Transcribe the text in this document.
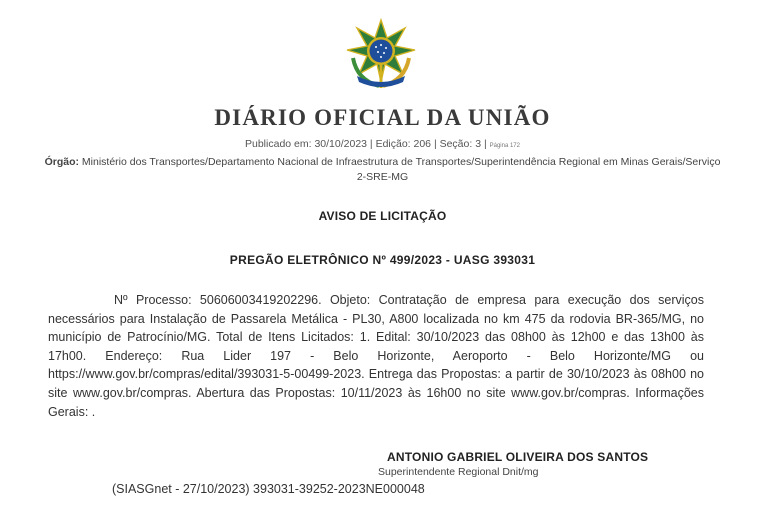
DIÁRIO OFICIAL DA UNIÃO
Publicado em: 30/10/2023 | Edição: 206 | Seção: 3 | Página 172
Órgão: Ministério dos Transportes/Departamento Nacional de Infraestrutura de Transportes/Superintendência Regional em Minas Gerais/Serviço 2-SRE-MG
AVISO DE LICITAÇÃO
PREGÃO ELETRÔNICO Nº 499/2023 - UASG 393031

Nº Processo: 50606003419202296. Objeto: Contratação de empresa para execução dos serviços necessários para Instalação de Passarela Metálica - PL30, A800 localizada no km 475 da rodovia BR-365/MG, no município de Patrocínio/MG. Total de Itens Licitados: 1. Edital: 30/10/2023 das 08h00 às 12h00 e das 13h00 às 17h00. Endereço: Rua Lider 197 - Belo Horizonte, Aeroporto - Belo Horizonte/MG ou https://www.gov.br/compras/edital/393031-5-00499-2023. Entrega das Propostas: a partir de 30/10/2023 às 08h00 no site www.gov.br/compras. Abertura das Propostas: 10/11/2023 às 16h00 no site www.gov.br/compras. Informações Gerais: .

ANTONIO GABRIEL OLIVEIRA DOS SANTOS
Superintendente Regional Dnit/mg
(SIASGnet - 27/10/2023) 393031-39252-2023NE000048
